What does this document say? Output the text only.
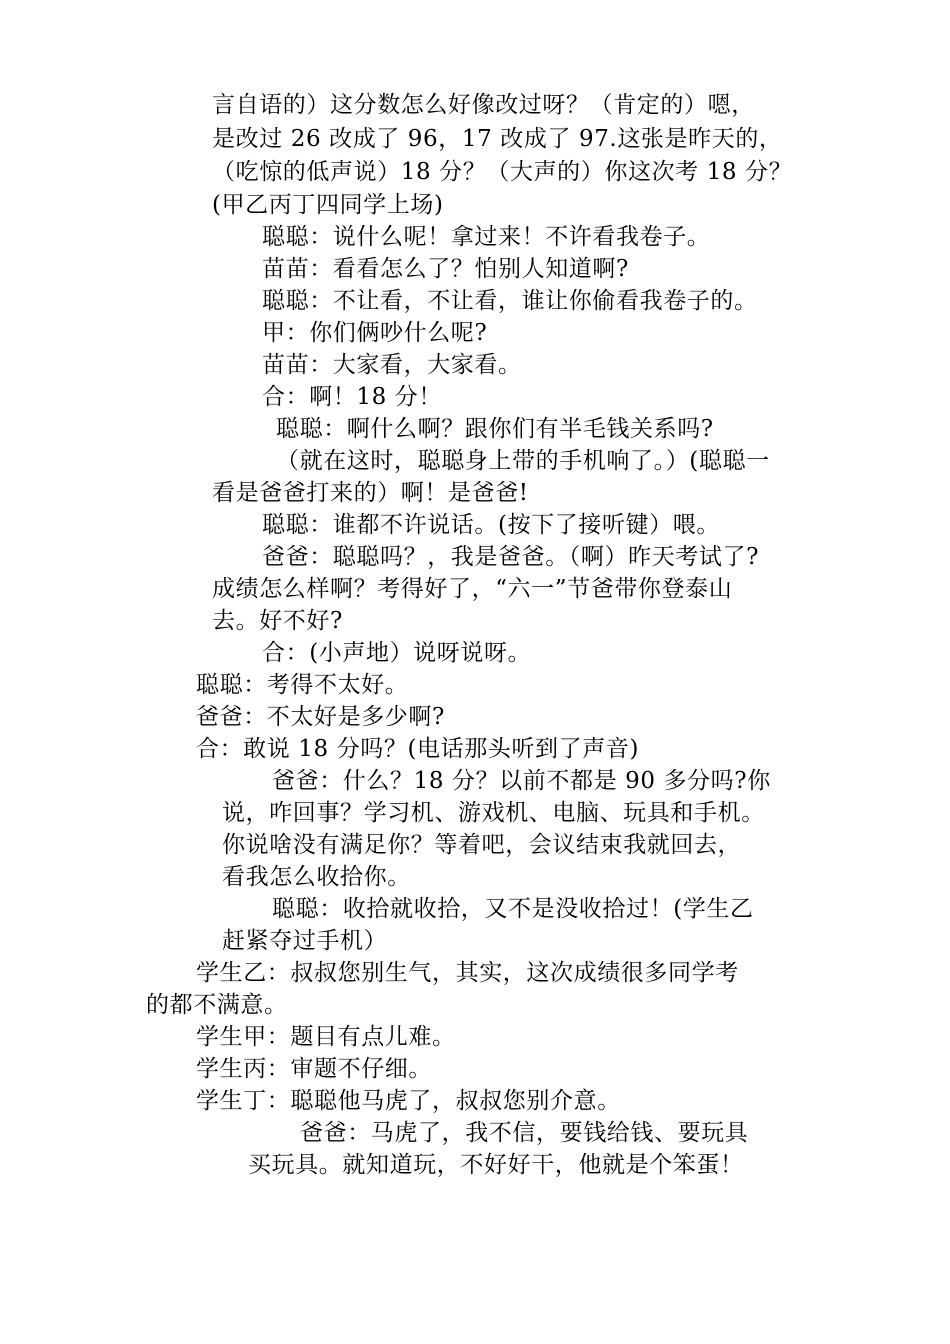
言自语的）这分数怎么好像改过呀？（肯定的）嗯，
是改过 26 改成了 96，17 改成了 97.这张是昨天的，
（吃惊的低声说）18 分？（大声的）你这次考 18 分？
(甲乙丙丁四同学上场)
聪聪：说什么呢！拿过来！不许看我卷子。
苗苗：看看怎么了？怕别人知道啊?
聪聪：不让看，不让看，谁让你偷看我卷子的。
甲：你们俩吵什么呢?
苗苗：大家看，大家看。
合：啊！18 分！
聪聪：啊什么啊？跟你们有半毛钱关系吗?
（就在这时，聪聪身上带的手机响了。）(聪聪一
看是爸爸打来的）啊！是爸爸!
聪聪：谁都不许说话。(按下了接听键）喂。
爸爸：聪聪吗？，我是爸爸。（啊）昨天考试了?
成绩怎么样啊？考得好了，“六一”节爸带你登泰山
去。好不好?
合：(小声地）说呀说呀。
聪聪：考得不太好。
爸爸：不太好是多少啊?
合：敢说 18 分吗？(电话那头听到了声音)
爸爸：什么？18 分？以前不都是 90 多分吗?你
说，咋回事？学习机、游戏机、电脑、玩具和手机。
你说啥没有满足你？等着吧，会议结束我就回去，
看我怎么收拾你。
聪聪：收拾就收拾，又不是没收拾过！(学生乙
赶紧夺过手机）
学生乙：叔叔您别生气，其实，这次成绩很多同学考
的都不满意。
学生甲：题目有点儿难。
学生丙：审题不仔细。
学生丁：聪聪他马虎了，叔叔您别介意。
爸爸：马虎了，我不信，要钱给钱、要玩具
买玩具。就知道玩，不好好干，他就是个笨蛋！
